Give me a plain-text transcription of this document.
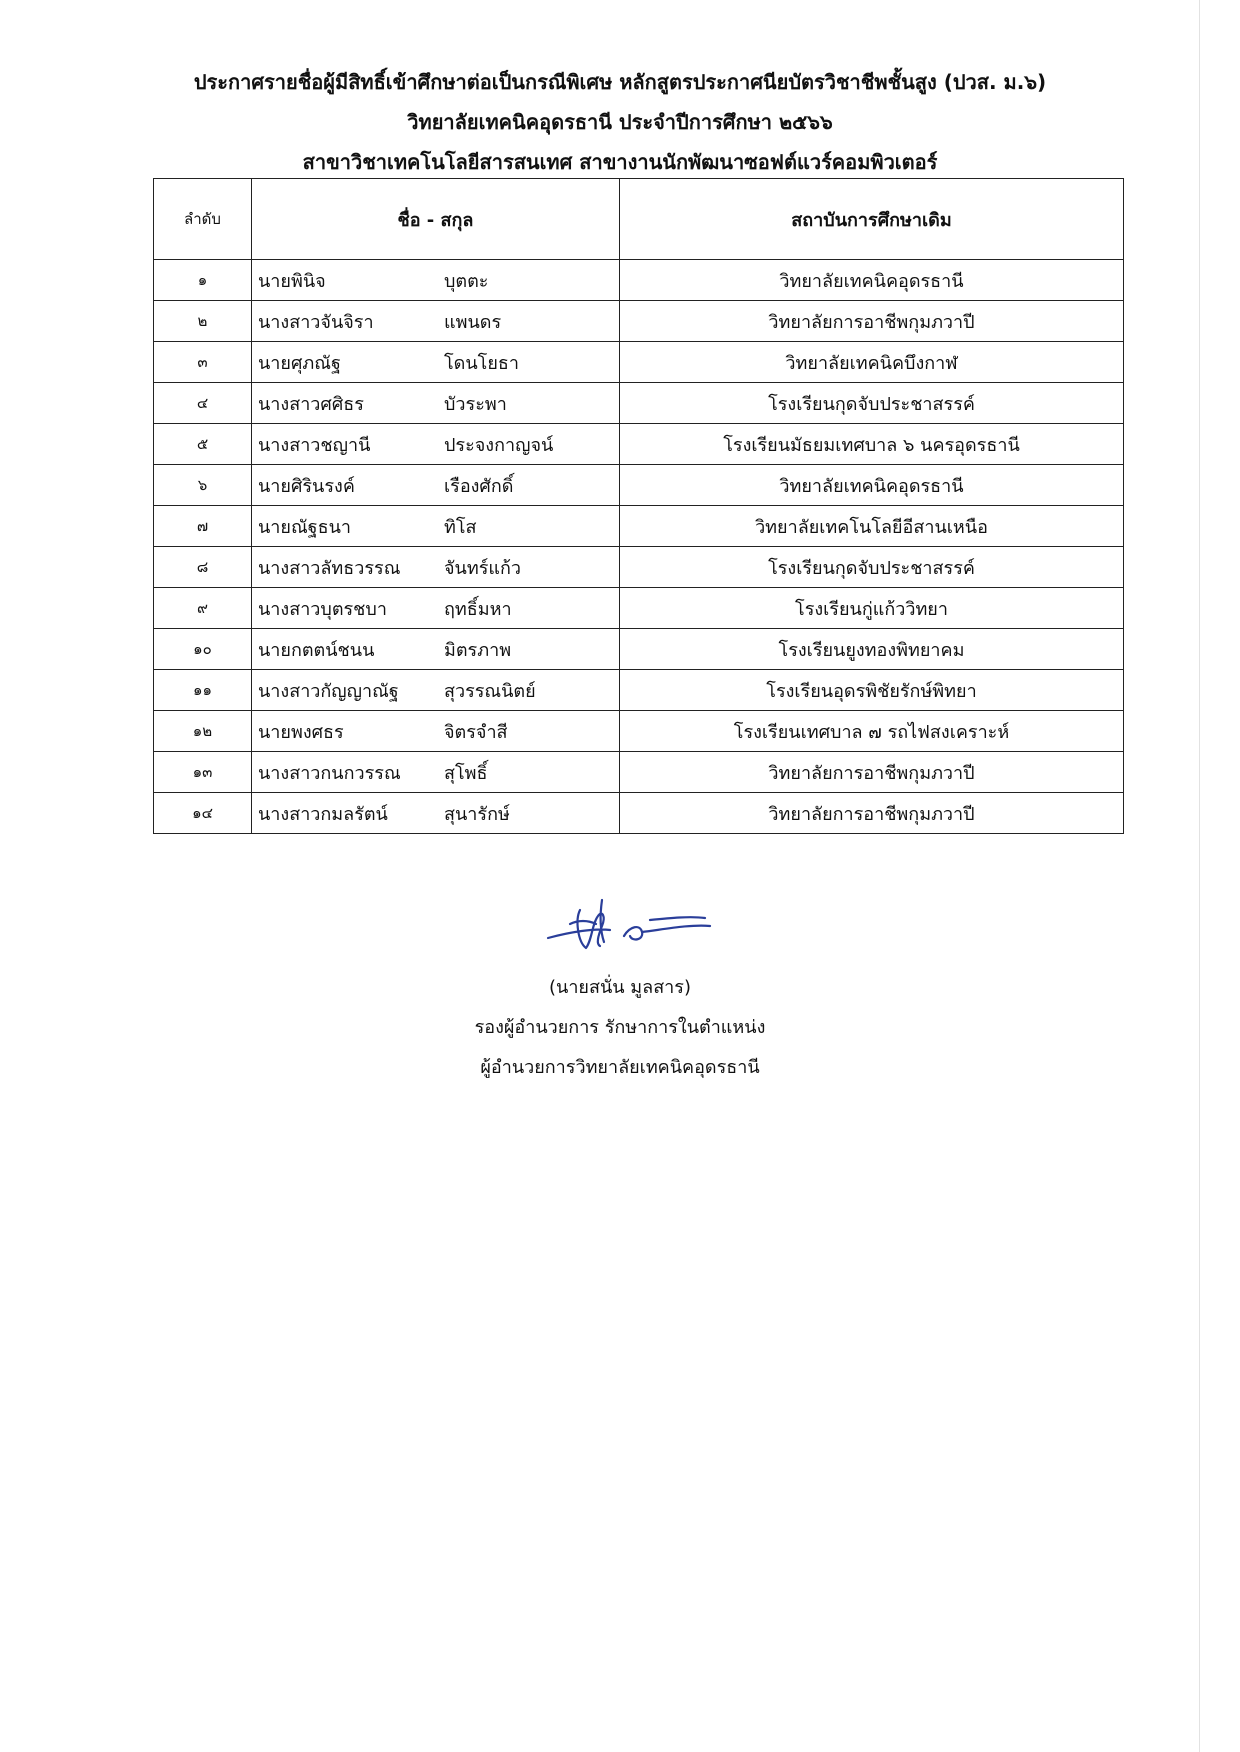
ประกาศรายชื่อผู้มีสิทธิ์เข้าศึกษาต่อเป็นกรณีพิเศษ หลักสูตรประกาศนียบัตรวิชาชีพชั้นสูง (ปวส. ม.๖)
วิทยาลัยเทคนิคอุดรธานี ประจำปีการศึกษา ๒๕๖๖
สาขาวิชาเทคโนโลยีสารสนเทศ สาขางานนักพัฒนาซอฟต์แวร์คอมพิวเตอร์
ลำดับ	ชื่อ - สกุล	สถาบันการศึกษาเดิม
๑	นายพินิจ บุตตะ	วิทยาลัยเทคนิคอุดรธานี
๒	นางสาวจันจิรา แพนดร	วิทยาลัยการอาชีพกุมภวาปี
๓	นายศุภณัฐ โดนโยธา	วิทยาลัยเทคนิคบึงกาฬ
๔	นางสาวศศิธร บัวระพา	โรงเรียนกุดจับประชาสรรค์
๕	นางสาวชญานี ประจงกาญจน์	โรงเรียนมัธยมเทศบาล ๖ นครอุดรธานี
๖	นายศิรินรงค์ เรืองศักดิ์	วิทยาลัยเทคนิคอุดรธานี
๗	นายณัฐธนา ทิโส	วิทยาลัยเทคโนโลยีอีสานเหนือ
๘	นางสาวลัทธวรรณ จันทร์แก้ว	โรงเรียนกุดจับประชาสรรค์
๙	นางสาวบุตรชบา ฤทธิ์มหา	โรงเรียนกู่แก้ววิทยา
๑๐	นายกตตน์ชนน มิตรภาพ	โรงเรียนยูงทองพิทยาคม
๑๑	นางสาวกัญญาณัฐ สุวรรณนิตย์	โรงเรียนอุดรพิชัยรักษ์พิทยา
๑๒	นายพงศธร จิตรจำสี	โรงเรียนเทศบาล ๗ รถไฟสงเคราะห์
๑๓	นางสาวกนกวรรณ สุโพธิ์	วิทยาลัยการอาชีพกุมภวาปี
๑๔	นางสาวกมลรัตน์ สุนารักษ์	วิทยาลัยการอาชีพกุมภวาปี
(นายสนั่น มูลสาร)
รองผู้อำนวยการ รักษาการในตำแหน่ง
ผู้อำนวยการวิทยาลัยเทคนิคอุดรธานี
